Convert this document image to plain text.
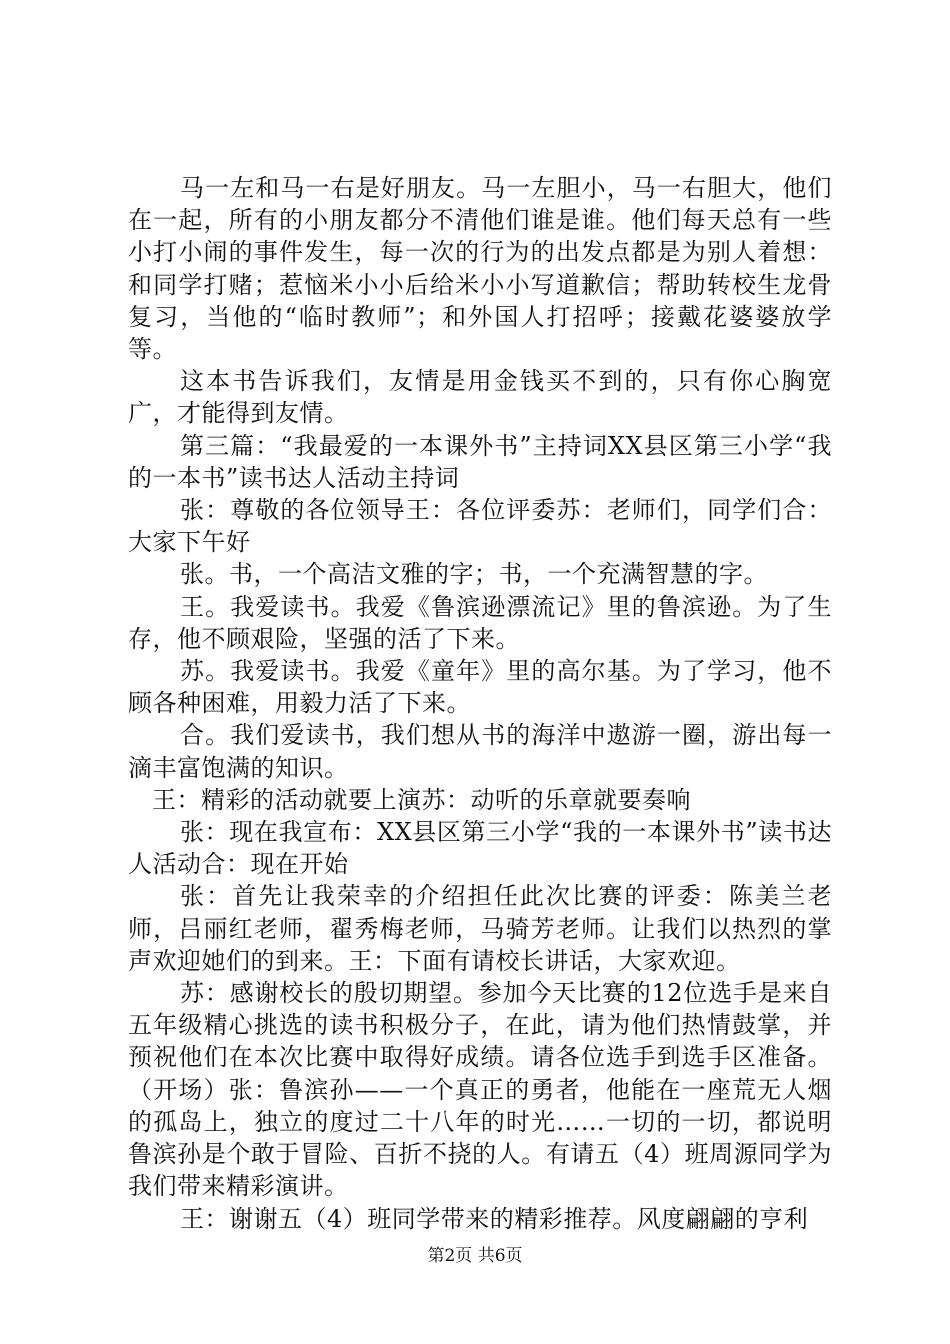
马一左和马一右是好朋友。马一左胆小，马一右胆大，他们在一起，所有的小朋友都分不清他们谁是谁。他们每天总有一些小打小闹的事件发生，每一次的行为的出发点都是为别人着想：和同学打赌；惹恼米小小后给米小小写道歉信；帮助转校生龙骨复习，当他的“临时教师”；和外国人打招呼；接戴花婆婆放学等。

这本书告诉我们，友情是用金钱买不到的，只有你心胸宽广，才能得到友情。

第三篇：“我最爱的一本课外书”主持词XX县区第三小学“我的一本书”读书达人活动主持词

张：尊敬的各位领导王：各位评委苏：老师们，同学们合：大家下午好

张。书，一个高洁文雅的字；书，一个充满智慧的字。

王。我爱读书。我爱《鲁滨逊漂流记》里的鲁滨逊。为了生存，他不顾艰险，坚强的活了下来。

苏。我爱读书。我爱《童年》里的高尔基。为了学习，他不顾各种困难，用毅力活了下来。

合。我们爱读书，我们想从书的海洋中遨游一圈，游出每一滴丰富饱满的知识。

王：精彩的活动就要上演苏：动听的乐章就要奏响

张：现在我宣布：XX县区第三小学“我的一本课外书”读书达人活动合：现在开始

张：首先让我荣幸的介绍担任此次比赛的评委：陈美兰老师，吕丽红老师，翟秀梅老师，马骑芳老师。让我们以热烈的掌声欢迎她们的到来。王：下面有请校长讲话，大家欢迎。

苏：感谢校长的殷切期望。参加今天比赛的12位选手是来自五年级精心挑选的读书积极分子，在此，请为他们热情鼓掌，并预祝他们在本次比赛中取得好成绩。请各位选手到选手区准备。（开场）张：鲁滨孙——一个真正的勇者，他能在一座荒无人烟的孤岛上，独立的度过二十八年的时光……一切的一切，都说明鲁滨孙是个敢于冒险、百折不挠的人。有请五（4）班周源同学为我们带来精彩演讲。

王：谢谢五（4）班同学带来的精彩推荐。风度翩翩的亨利

第2页 共6页
